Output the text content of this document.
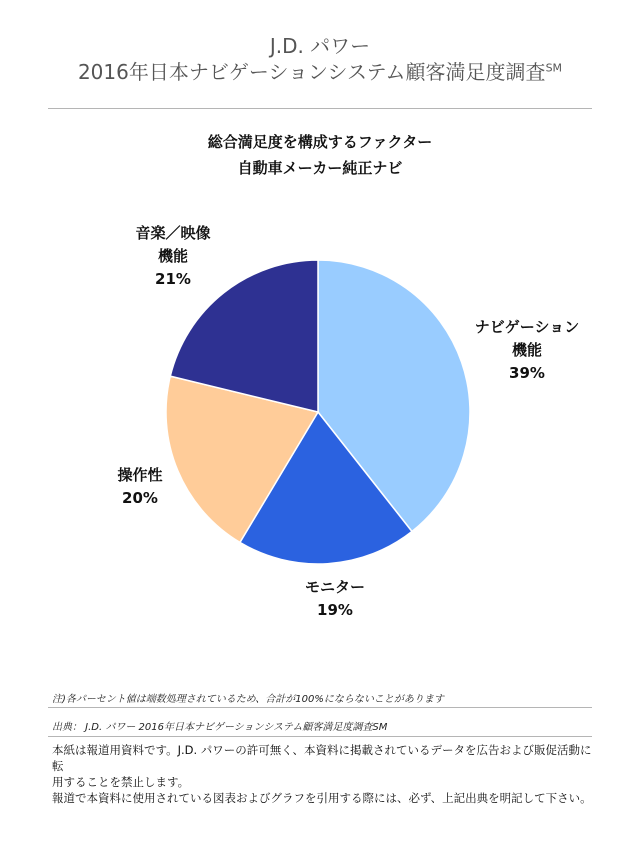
J.D. パワー
2016年日本ナビゲーションシステム顧客満足度調査℠
総合満足度を構成するファクター
自動車メーカー純正ナビ
ナビゲーション
機能
39%
モニター
19%
操作性
20%
音楽／映像
機能
21%
注)各パーセント値は端数処理されているため、合計が100%にならないことがあります
出典： J.D. パワー 2016年日本ナビゲーションシステム顧客満足度調査SM
本紙は報道用資料です。J.D. パワーの許可無く、本資料に掲載されているデータを広告および販促活動に転
用することを禁止します。
報道で本資料に使用されている図表およびグラフを引用する際には、必ず、上記出典を明記して下さい。
